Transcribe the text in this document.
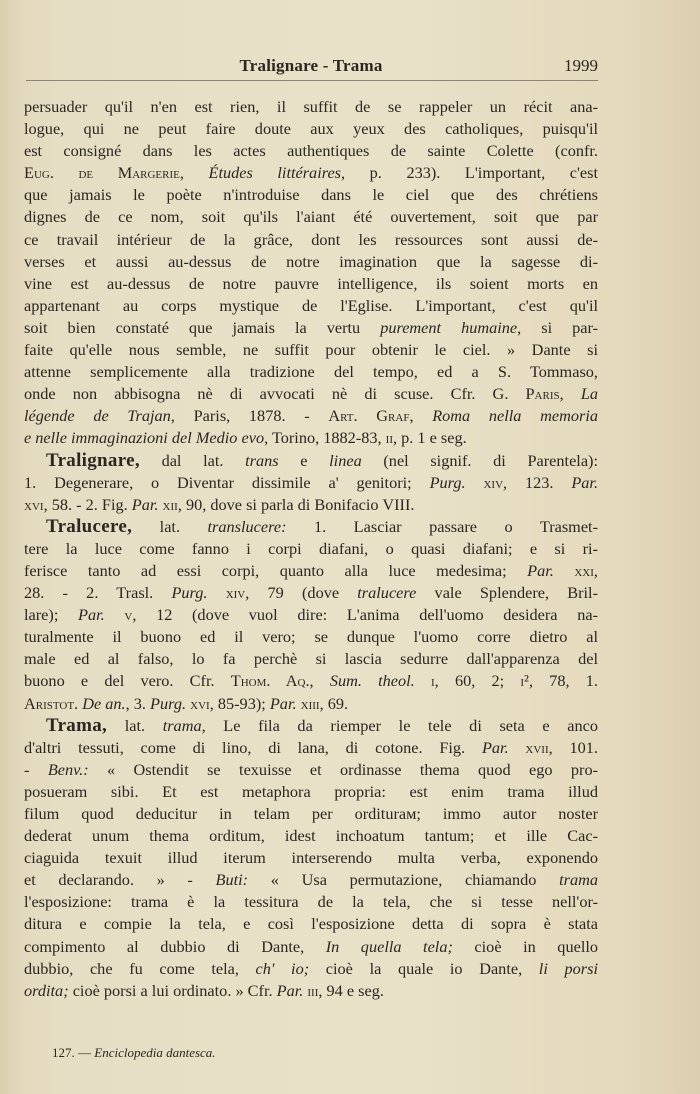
Tralignare - Trama	1999

persuader qu'il n'en est rien, il suffit de se rappeler un récit ana-
logue, qui ne peut faire doute aux yeux des catholiques, puisqu'il
est consigné dans les actes authentiques de sainte Colette (confr.
Eug. de Margerie, Études littéraires, p. 233). L'important, c'est
que jamais le poète n'introduise dans le ciel que des chrétiens
dignes de ce nom, soit qu'ils l'aiant été ouvertement, soit que par
ce travail intérieur de la grâce, dont les ressources sont aussi de-
verses et aussi au-dessus de notre imagination que la sagesse di-
vine est au-dessus de notre pauvre intelligence, ils soient morts en
appartenant au corps mystique de l'Eglise. L'important, c'est qu'il
soit bien constaté que jamais la vertu purement humaine, si par-
faite qu'elle nous semble, ne suffit pour obtenir le ciel. » Dante si
attenne semplicemente alla tradizione del tempo, ed a S. Tommaso,
onde non abbisogna nè di avvocati nè di scuse. Cfr. G. Paris, La
légende de Trajan, Paris, 1878. - Art. Graf, Roma nella memoria
e nelle immaginazioni del Medio evo, Torino, 1882-83, ii, p. 1 e seg.

Tralignare, dal lat. trans e linea (nel signif. di Parentela):
1. Degenerare, o Diventar dissimile a' genitori; Purg. xiv, 123. Par.
xvi, 58. - 2. Fig. Par. xii, 90, dove si parla di Bonifacio VIII.

Tralucere, lat. translucere: 1. Lasciar passare o Trasmet-
tere la luce come fanno i corpi diafani, o quasi diafani; e si ri-
ferisce tanto ad essi corpi, quanto alla luce medesima; Par. xxi,
28. - 2. Trasl. Purg. xiv, 79 (dove tralucere vale Splendere, Bril-
lare); Par. v, 12 (dove vuol dire: L'anima dell'uomo desidera na-
turalmente il buono ed il vero; se dunque l'uomo corre dietro al
male ed al falso, lo fa perchè si lascia sedurre dall'apparenza del
buono e del vero. Cfr. Thom. Aq., Sum. theol. i, 60, 2; i², 78, 1.
Aristot. De an., 3. Purg. xvi, 85-93); Par. xiii, 69.

Trama, lat. trama, Le fila da riemper le tele di seta e anco
d'altri tessuti, come di lino, di lana, di cotone. Fig. Par. xvii, 101.
- Benv.: « Ostendit se texuisse et ordinasse thema quod ego pro-
posueram sibi. Et est metaphora propria: est enim trama illud
filum quod deducitur in telam per orditurам; immo autor noster
dederat unum thema orditum, idest inchoatum tantum; et ille Cac-
ciaguida texuit illud iterum interserendo multa verba, exponendo
et declarando. » - Buti: « Usa permutazione, chiamando trama
l'esposizione: trama è la tessitura de la tela, che si tesse nell'or-
ditura e compie la tela, e così l'esposizione detta di sopra è stata
compimento al dubbio di Dante, In quella tela; cioè in quello
dubbio, che fu come tela, ch' io; cioè la quale io Dante, li porsi
ordita; cioè porsi a lui ordinato. » Cfr. Par. iii, 94 e seg.

127. — Enciclopedia dantesca.
